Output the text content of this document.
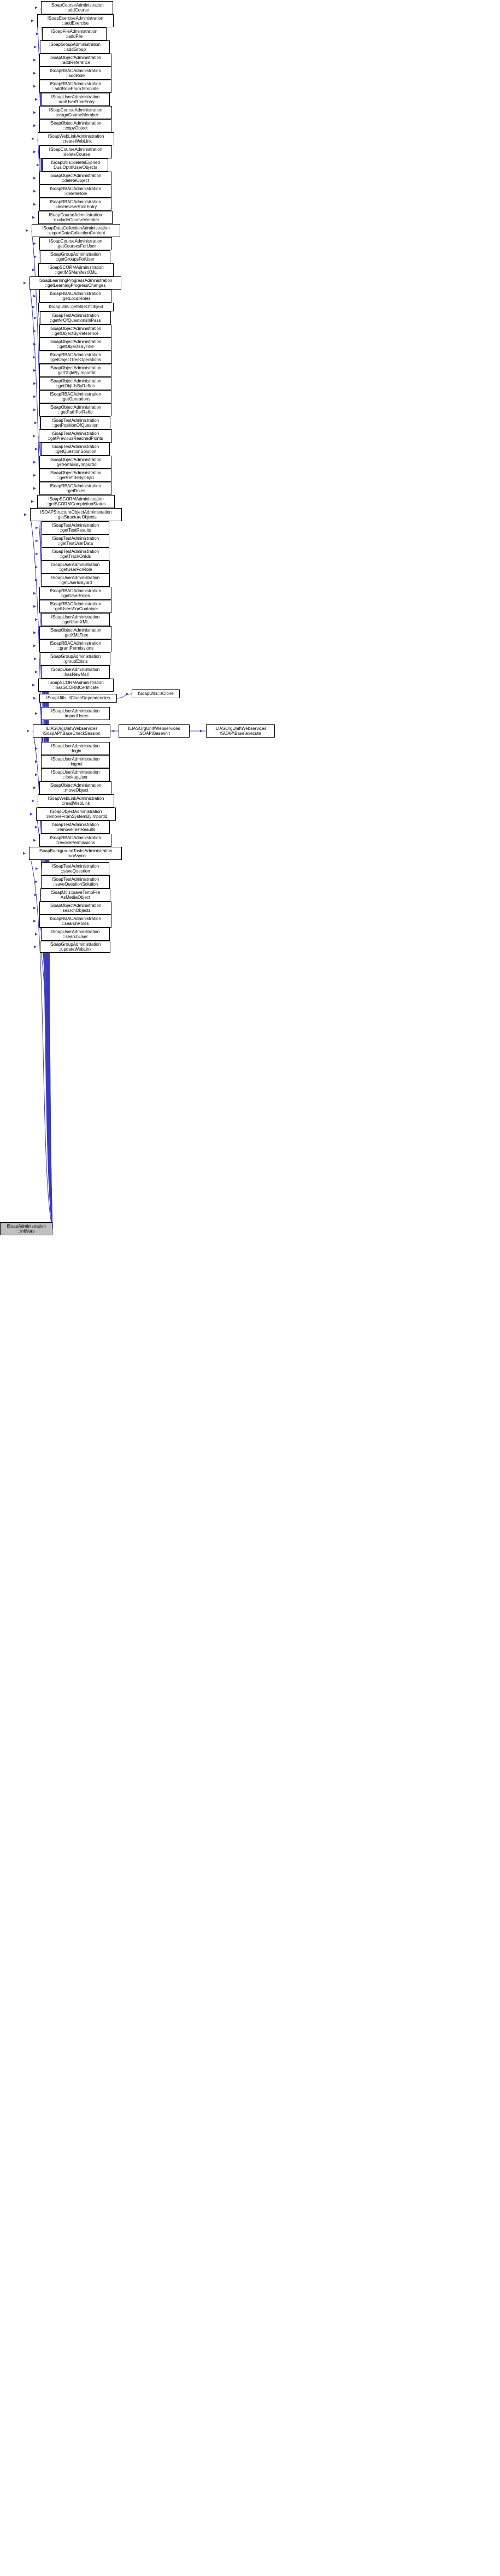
ISoapAdministration
::initVars
ISoapCourseAdministration
::addCourse
ISoapExerciseAdministration
::addExercise
ISoapFileAdministration
::addFile
ISoapGroupAdministration
::addGroup
ISoapObjectAdministration
::addReference
ISoapRBACAdministration
::addRole
ISoapRBACAdministration
::addRoleFromTemplate
ISoapUserAdministration
::addUserRoleEntry
ISoapCourseAdministration
::assignCourseMember
ISoapObjectAdministration
::copyObject
ISoapWebLinkAdministration
::createWebLink
ISoapCourseAdministration
::deleteCourse
ISoapUtils::deleteExpired
DualOptInUserObjects
ISoapObjectAdministration
::deleteObject
ISoapRBACAdministration
::deleteRole
ISoapRBACAdministration
::deleteUserRoleEntry
ISoapCourseAdministration
::excludeCourseMember
ISoapDataCollectionAdministration
::exportDataCollectionContent
ISoapCourseAdministration
::getCoursesForUser
ISoapGroupAdministration
::getGroupsForUser
ISoapSCORMAdministration
::getIMSManifestXML
ISoapLearningProgressAdministration
::getLearningProgressChanges
ISoapRBACAdministration
::getLocalRoles
ISoapUtils::getMdeOfObject
ISoapTestAdministration
::getNrOfQuestionsInPass
ISoapObjectAdministration
::getObjectByReference
ISoapObjectAdministration
::getObjectsByTitle
ISoapRBACAdministration
::getObjectTreeOperations
ISoapObjectAdministration
::getObjIdByImportId
ISoapObjectAdministration
::getObjIdsByRefIds
ISoapRBACAdministration
::getOperations
ISoapObjectAdministration
::getPathForRefId
ISoapTestAdministration
::getPositionOfQuestion
ISoapTestAdministration
::getPreviousReachedPoints
ISoapTestAdministration
::getQuestionSolution
ISoapObjectAdministration
::getRefIdsByImportId
ISoapObjectAdministration
::getRefIdsByObjId
ISoapRBACAdministration
::getRoles
ISoapSCORMAdministration
::getSCORMCompletionStatus
ISOAPStructureObjectAdministration
::getStructureObjects
ISoapTestAdministration
::getTestResults
ISoapTestAdministration
::getTestUserData
ISoapTestAdministration
::getTrackOnIds
ISoapUserAdministration
::getUserForRole
ISoapUserAdministration
::getUserIdBySid
ISoapRBACAdministration
::getUserRoles
ISoapRBACAdministration
::getUsersForContainer
ISoapUserAdministration
::getUserXML
ISoapObjectAdministration
::getXMLTree
ISoapRBACAdministration
::grantPermissions
ISoapGroupAdministration
::groupExists
ISoapUserAdministration
::hasNewMail
ISoapSCORMAdministration
::hasSCORMCertificate
ISoapUtils::ilCloneDependencies
ISoapUtils::ilClone
ISoapUserAdministration
::importUsers
ILIASOrgUnit\Webservices
\SoapAPI\BaseCheckSession
ILIASOrgUnit\Webservices
\SOAP\Base\init
ILIASOrgUnit\Webservices
\SOAP\Base\execute
ISoapUserAdministration
::login
ISoapUserAdministration
::logout
ISoapUserAdministration
::lookupUser
ISoapObjectAdministration
::moveObject
ISoapWebLinkAdministration
::readWebLink
ISoapObjectAdministration
::removeFromSystemByImportId
ISoapTestAdministration
::removeTestResults
ISoapRBACAdministration
::revokePermissions
ISoapBackgroundTasksAdministration
::runAsync
ISoapTestAdministration
::saveQuestion
ISoapTestAdministration
::saveQuestionSolution
ISoapUtils::saveTempFile
AsMediaObject
ISoapObjectAdministration
::searchObjects
ISoapRBACAdministration
::searchRoles
ISoapUserAdministration
::searchUser
ISoapGroupAdministration
::updateWebLink
